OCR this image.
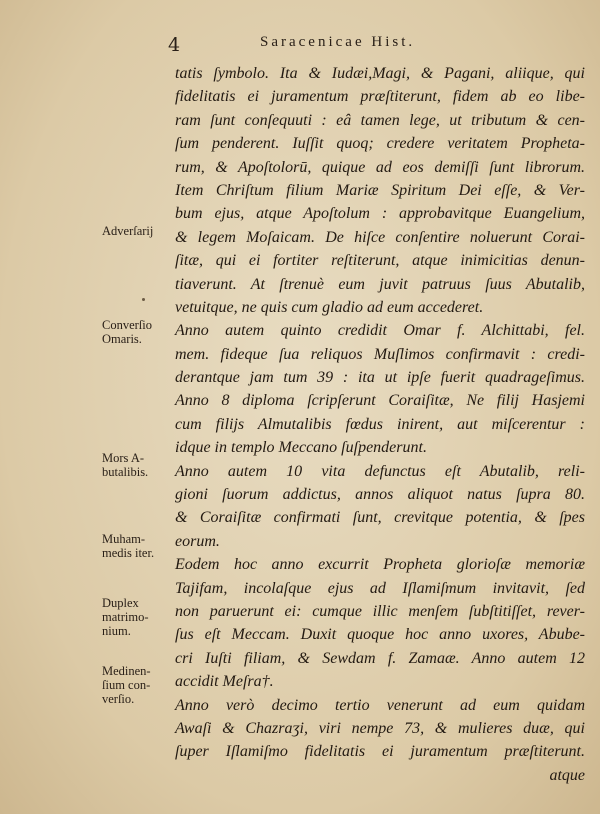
4	Saracenicae Hist.
tatis ſymbolo. Ita & Iudæi,Magi, & Pagani, aliique, qui
fidelitatis ei juramentum præſtiterunt, fidem ab eo libe-
ram ſunt conſequuti : eâ tamen lege, ut tributum & cen-
ſum penderent. Iuſſit quoq; credere veritatem Propheta-
rum, & Apoſtolorū, quique ad eos demiſſi ſunt librorum.
Item Chriſtum filium Mariæ Spiritum Dei eſſe, & Ver-
bum ejus, atque Apoſtolum : approbavitque Euangelium,
& legem Moſaicam. De hiſce conſentire noluerunt Corai-
ſitæ, qui ei fortiter reſtiterunt, atque inimicitias denun-
tiaverunt. At ſtrenuè eum juvit patruus ſuus Abutalib,
vetuitque, ne quis cum gladio ad eum accederet.
Anno autem quinto credidit Omar f. Alchittabi, fel.
mem. fideque ſua reliquos Muſlimos confirmavit : credi-
derantque jam tum 39 : ita ut ipſe fuerit quadrageſimus.
Anno 8 diploma ſcripſerunt Coraiſitæ, Ne filij Hasjemi
cum filijs Almutalibis fœdus inirent, aut miſcerentur :
idque in templo Meccano ſuſpenderunt.
Anno autem 10 vita defunctus eſt Abutalib, reli-
gioni ſuorum addictus, annos aliquot natus ſupra 80.
& Coraiſitæ confirmati ſunt, crevitque potentia, & ſpes
eorum.
Eodem hoc anno excurrit Propheta glorioſæ memoriæ
Tajifam, incolaſque ejus ad Iſlamiſmum invitavit, ſed
non paruerunt ei: cumque illic menſem ſubſtitiſſet, rever-
ſus eſt Meccam. Duxit quoque hoc anno uxores, Abube-
cri Iuſti filiam, & Sewdam f. Zamaæ. Anno autem 12
accidit Meſra†.
Anno verò decimo tertio venerunt ad eum quidam
Awaſi & Chazraʒi, viri nempe 73, & mulieres duæ, qui
ſuper Iſlamiſmo fidelitatis ei juramentum præſtiterunt.
atque
Adverſarij
Converſio
Omaris.
Mors A-
butalibis.
Muham-
medis iter.
Duplex
matrimo-
nium.
Medinen-
ſium con-
verſio.
